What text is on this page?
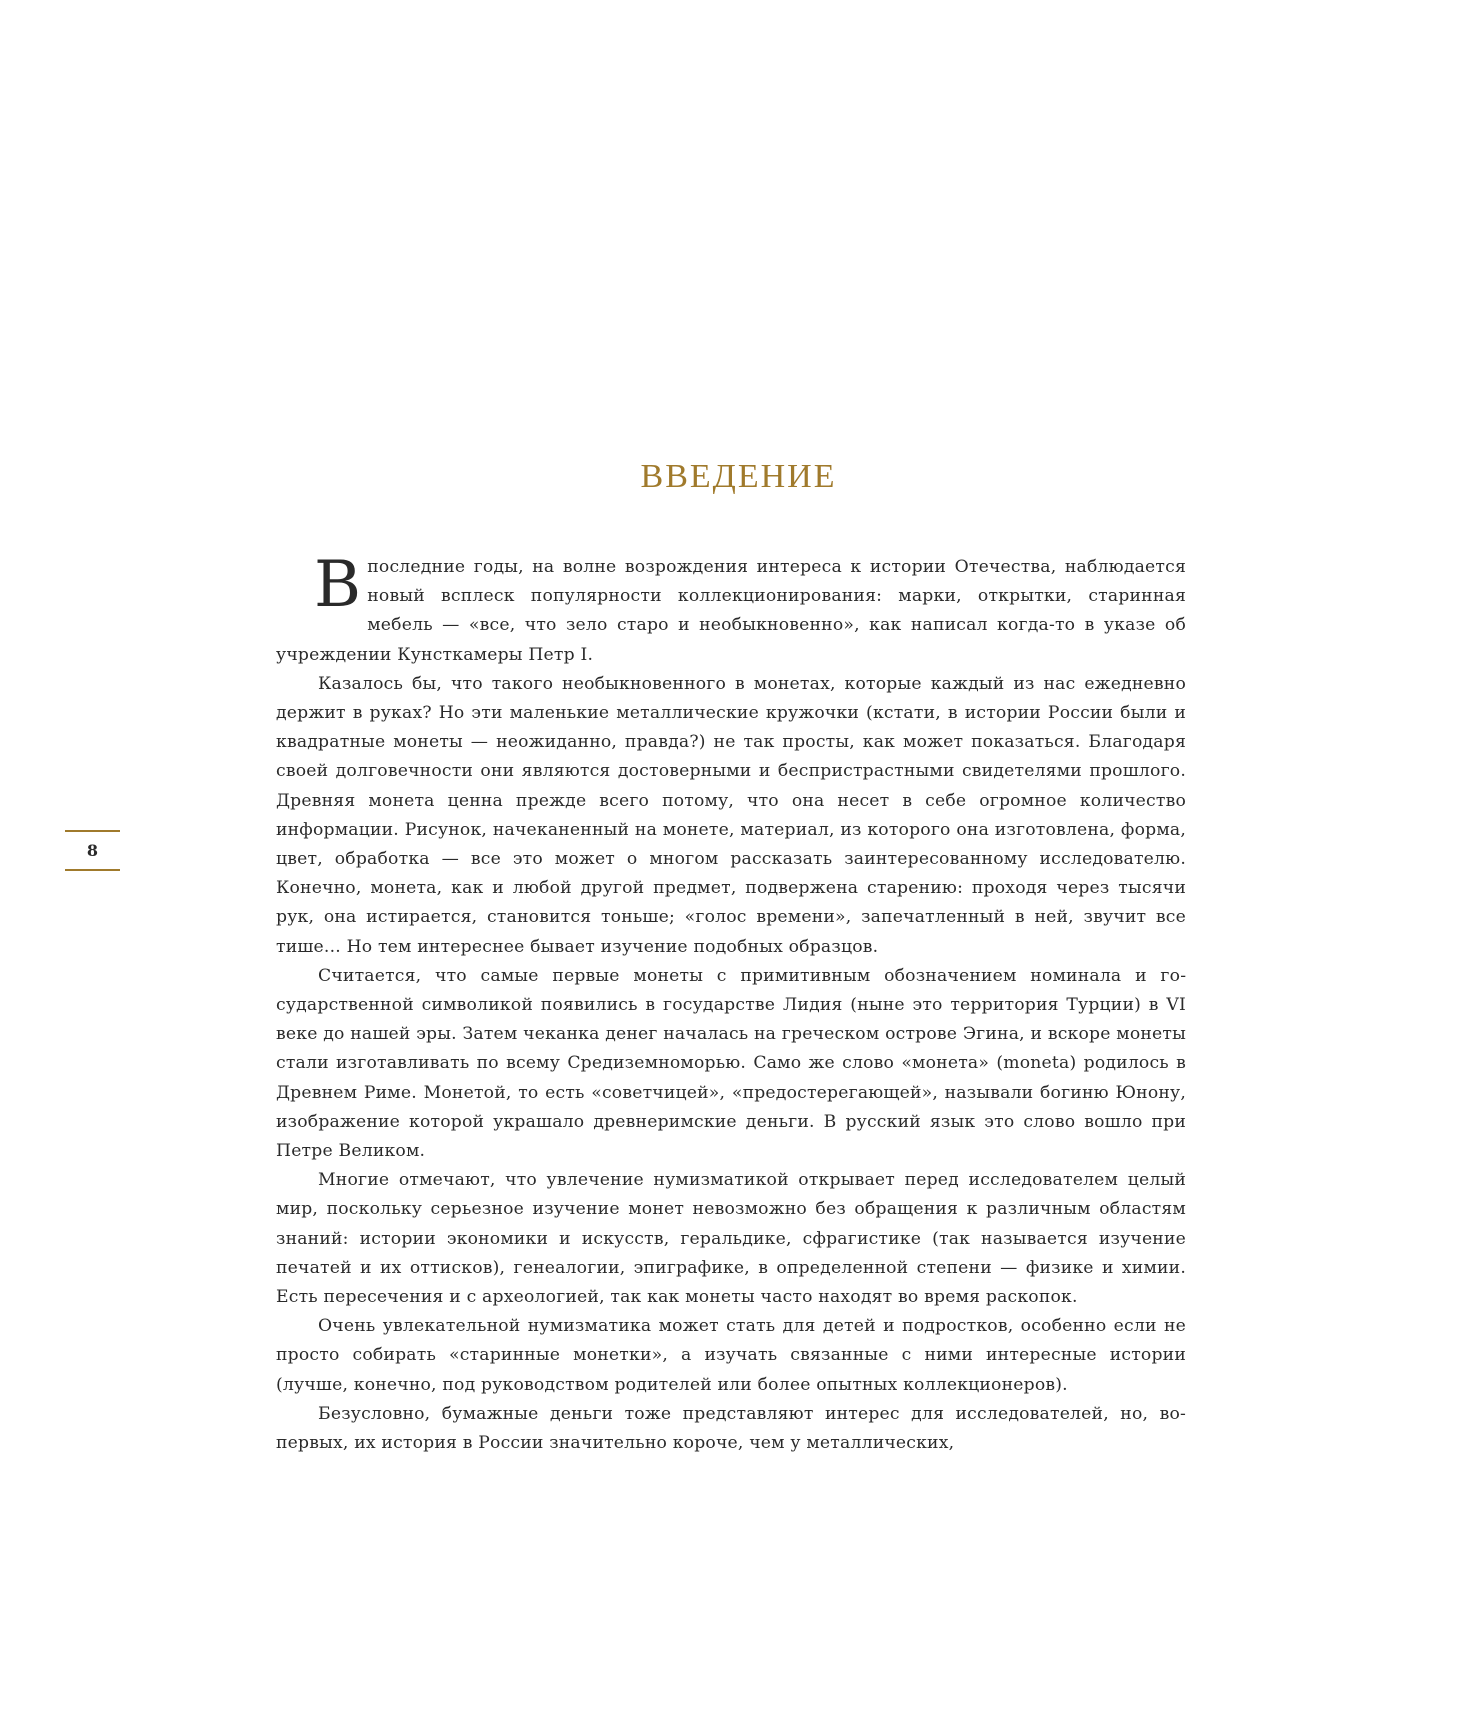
ВВЕДЕНИЕ
8

Впоследние годы, на волне возрождения интереса к истории Отечества, наблюдается новый всплеск популярности коллекционирования: марки, открытки, старинная мебель — «все, что зело старо и необыкновенно», как написал когда-то в указе об учреждении Кунсткамеры Петр I.

Казалось бы, что такого необыкновенного в монетах, которые каждый из нас ежедневно держит в руках? Но эти маленькие металлические кружочки (кстати, в истории России были и квадратные монеты — неожиданно, правда?) не так просты, как может показаться. Благодаря своей долговечности они являются достоверными и беспристрастными свидетелями прошлого. Древняя монета ценна прежде всего потому, что она несет в себе огромное количество информации. Рисунок, начеканенный на монете, материал, из которого она изготовлена, форма, цвет, обработка — все это может о многом рассказать заинтересованному исследователю. Конечно, монета, как и любой другой предмет, подвержена старению: проходя через тысячи рук, она истирается, становится тоньше; «голос времени», запечатленный в ней, звучит все тише... Но тем интереснее бывает изучение подобных образцов.

Считается, что самые первые монеты с примитивным обозначением номинала и государственной символикой появились в государстве Лидия (ныне это территория Турции) в VI веке до нашей эры. Затем чеканка денег началась на греческом острове Эгина, и вскоре монеты стали изготавливать по всему Средиземноморью. Само же слово «монета» (moneta) родилось в Древнем Риме. Монетой, то есть «советчицей», «предостерегающей», называли богиню Юнону, изображение которой украшало древнеримские деньги. В русский язык это слово вошло при Петре Великом.

Многие отмечают, что увлечение нумизматикой открывает перед исследователем целый мир, поскольку серьезное изучение монет невозможно без обращения к различным областям знаний: истории экономики и искусств, геральдике, сфрагистике (так называется изучение печатей и их оттисков), генеалогии, эпиграфике, в определенной степени — физике и химии. Есть пересечения и с археологией, так как монеты часто находят во время раскопок.

Очень увлекательной нумизматика может стать для детей и подростков, особенно если не просто собирать «старинные монетки», а изучать связанные с ними интересные истории (лучше, конечно, под руководством родителей или более опытных коллекционеров).

Безусловно, бумажные деньги тоже представляют интерес для исследователей, но, во-первых, их история в России значительно короче, чем у металлических,
